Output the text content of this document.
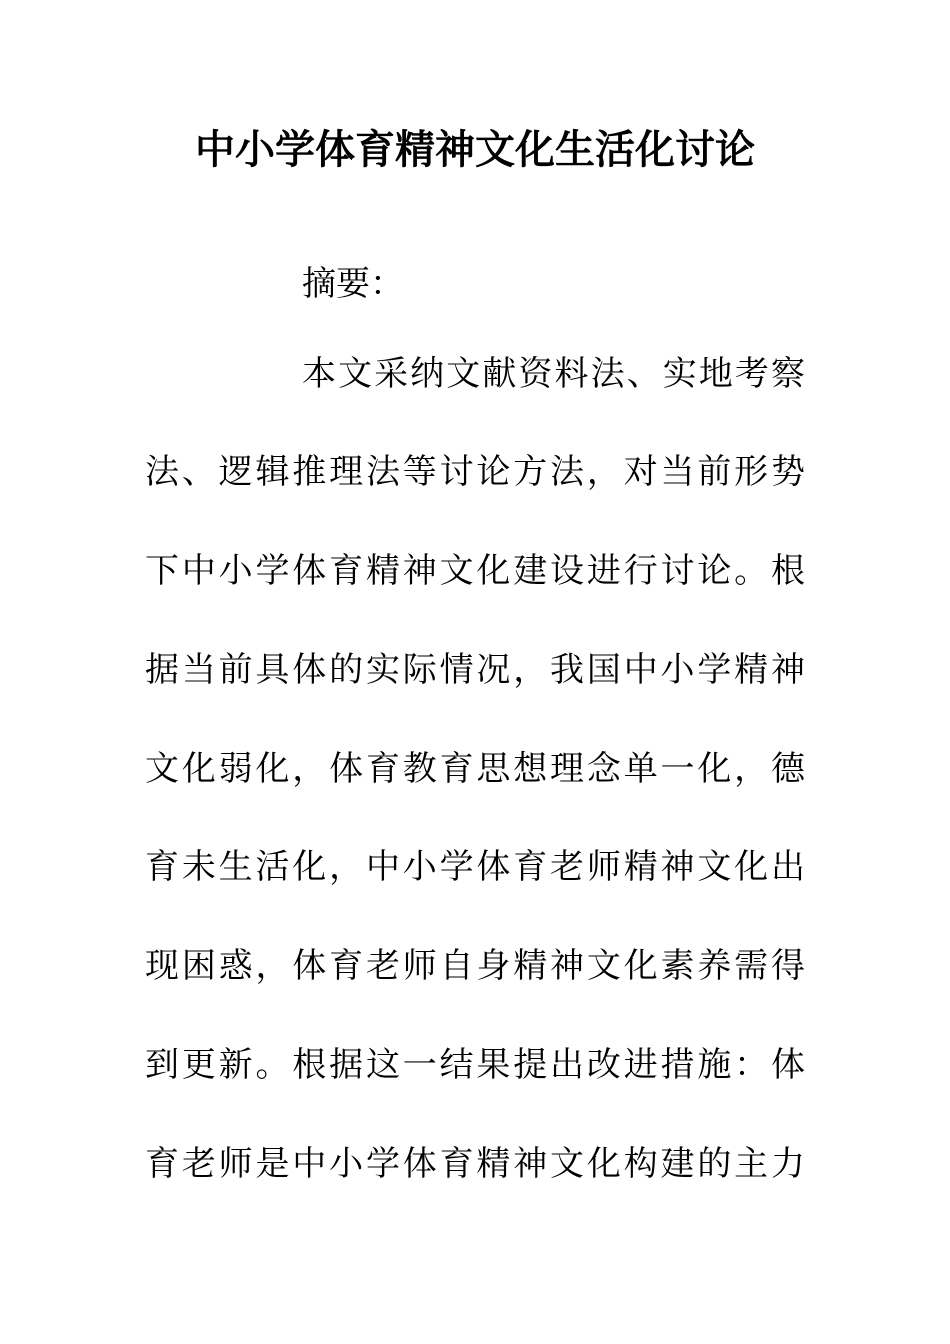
中小学体育精神文化生活化讨论
摘要：
本文采纳文献资料法、实地考察
法、逻辑推理法等讨论方法，对当前形势
下中小学体育精神文化建设进行讨论。根
据当前具体的实际情况，我国中小学精神
文化弱化，体育教育思想理念单一化，德
育未生活化，中小学体育老师精神文化出
现困惑，体育老师自身精神文化素养需得
到更新。根据这一结果提出改进措施：体
育老师是中小学体育精神文化构建的主力
